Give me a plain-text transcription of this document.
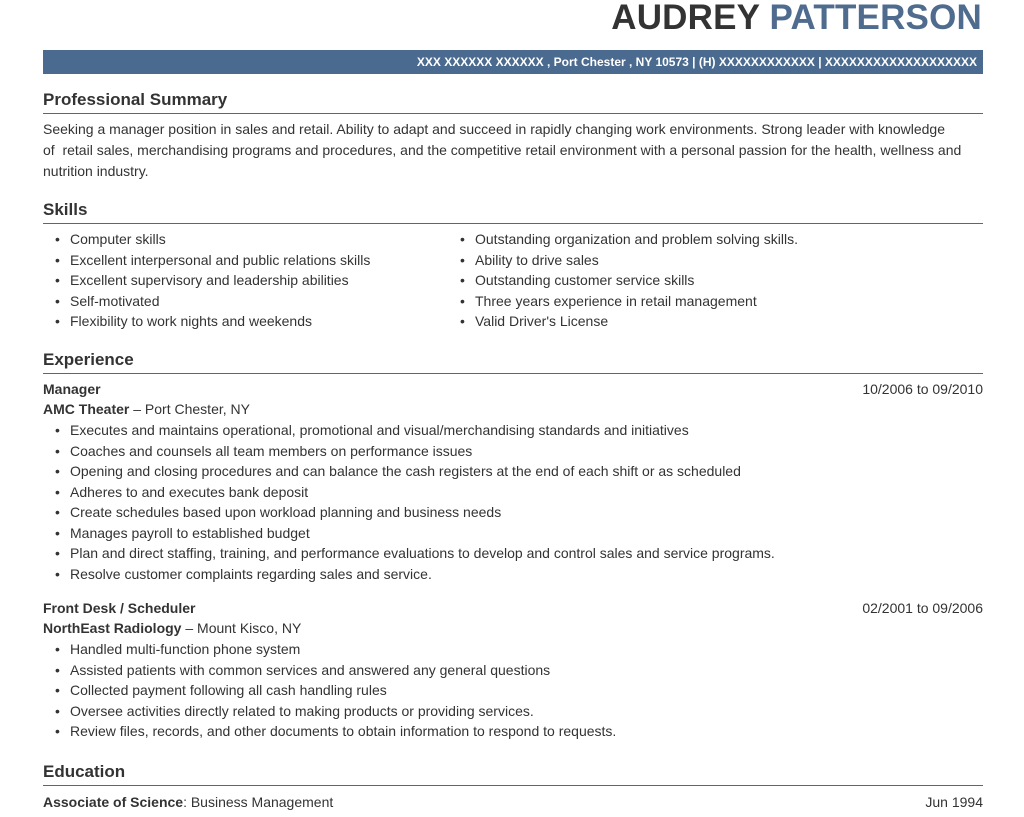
AUDREY PATTERSON
XXX XXXXXX XXXXXX , Port Chester , NY 10573 | (H) XXXXXXXXXXXX | XXXXXXXXXXXXXXXXXXX
Professional Summary
Seeking a manager position in sales and retail. Ability to adapt and succeed in rapidly changing work environments. Strong leader with knowledge
of  retail sales, merchandising programs and procedures, and the competitive retail environment with a personal passion for the health, wellness and
nutrition industry.
Skills
• Computer skills
• Excellent interpersonal and public relations skills
• Excellent supervisory and leadership abilities
• Self-motivated
• Flexibility to work nights and weekends
• Outstanding organization and problem solving skills.
• Ability to drive sales
• Outstanding customer service skills
• Three years experience in retail management
• Valid Driver's License
Experience
Manager	10/2006 to 09/2010
AMC Theater – Port Chester, NY
• Executes and maintains operational, promotional and visual/merchandising standards and initiatives
• Coaches and counsels all team members on performance issues
• Opening and closing procedures and can balance the cash registers at the end of each shift or as scheduled
• Adheres to and executes bank deposit
• Create schedules based upon workload planning and business needs
• Manages payroll to established budget
• Plan and direct staffing, training, and performance evaluations to develop and control sales and service programs.
• Resolve customer complaints regarding sales and service.
Front Desk / Scheduler	02/2001 to 09/2006
NorthEast Radiology – Mount Kisco, NY
• Handled multi-function phone system
• Assisted patients with common services and answered any general questions
• Collected payment following all cash handling rules
• Oversee activities directly related to making products or providing services.
• Review files, records, and other documents to obtain information to respond to requests.
Education
Associate of Science: Business Management	Jun 1994
